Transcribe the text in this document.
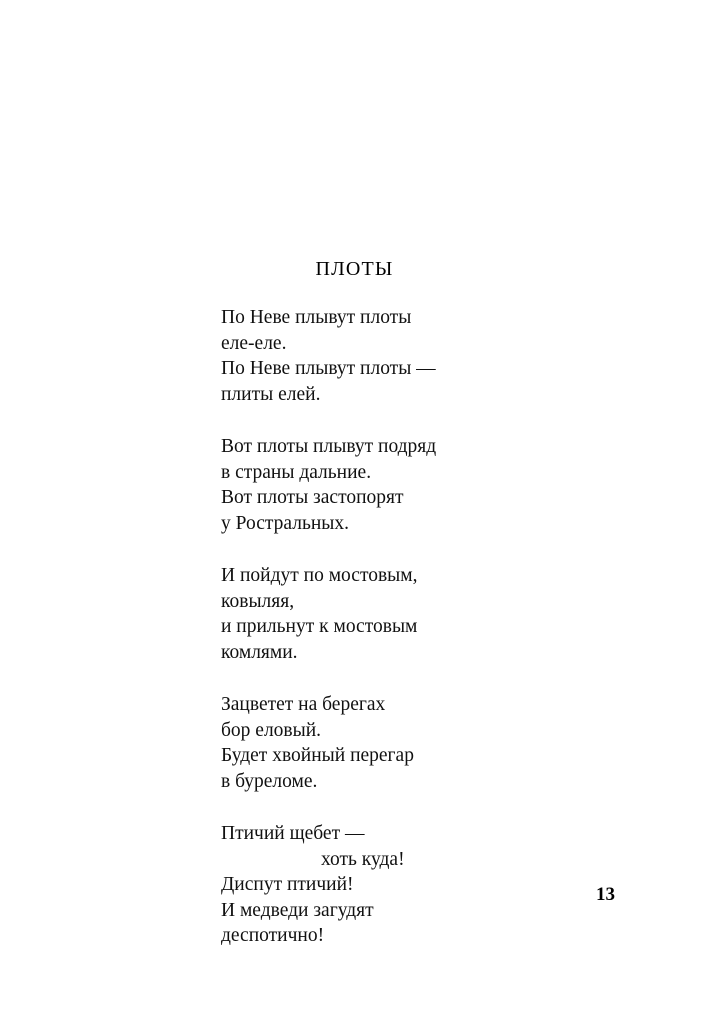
ПЛОТЫ
По Неве плывут плоты
еле-еле.
По Неве плывут плоты —
плиты елей.
Вот плоты плывут подряд
в страны дальние.
Вот плоты застопорят
у Ростральных.
И пойдут по мостовым,
ковыляя,
и прильнут к мостовым
комлями.
Зацветет на берегах
бор еловый.
Будет хвойный перегар
в буреломе.
Птичий щебет —
хоть куда!
Диспут птичий!
И медведи загудят
деспотично!
13
